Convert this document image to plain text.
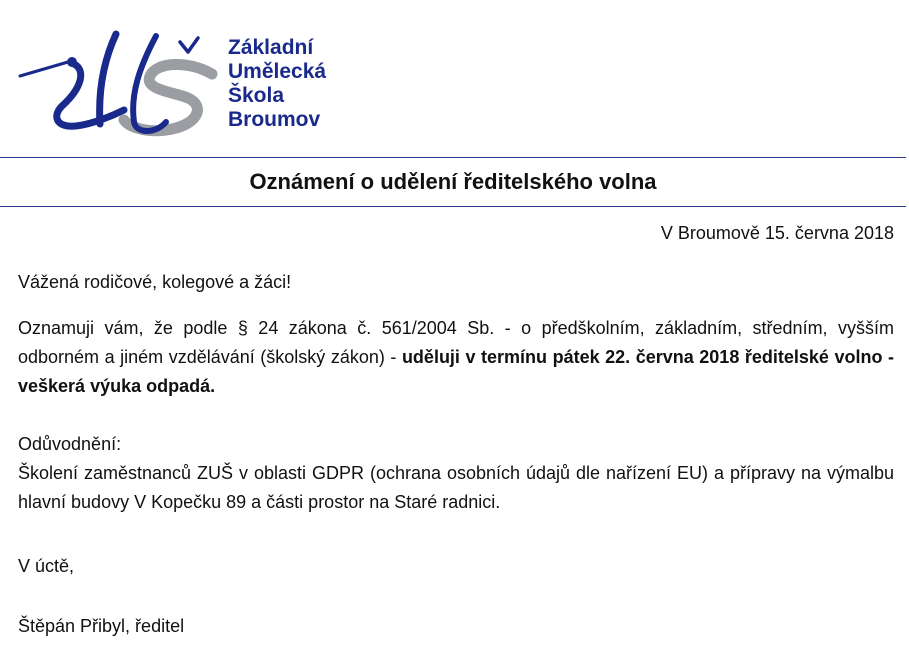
Základní
Umělecká
Škola
Broumov
Oznámení o udělení ředitelského volna
V Broumově 15. června 2018
Vážená rodičové, kolegové a žáci!
Oznamuji vám, že podle § 24 zákona č. 561/2004 Sb. - o předškolním, základním, středním, vyšším odborném a jiném vzdělávání (školský zákon) - uděluji v termínu pátek 22. června 2018 ředitelské volno - veškerá výuka odpadá.
Odůvodnění:
Školení zaměstnanců ZUŠ v oblasti GDPR (ochrana osobních údajů dle nařízení EU) a přípravy na výmalbu hlavní budovy V Kopečku 89 a části prostor na Staré radnici.
V úctě,
Štěpán Přibyl, ředitel
